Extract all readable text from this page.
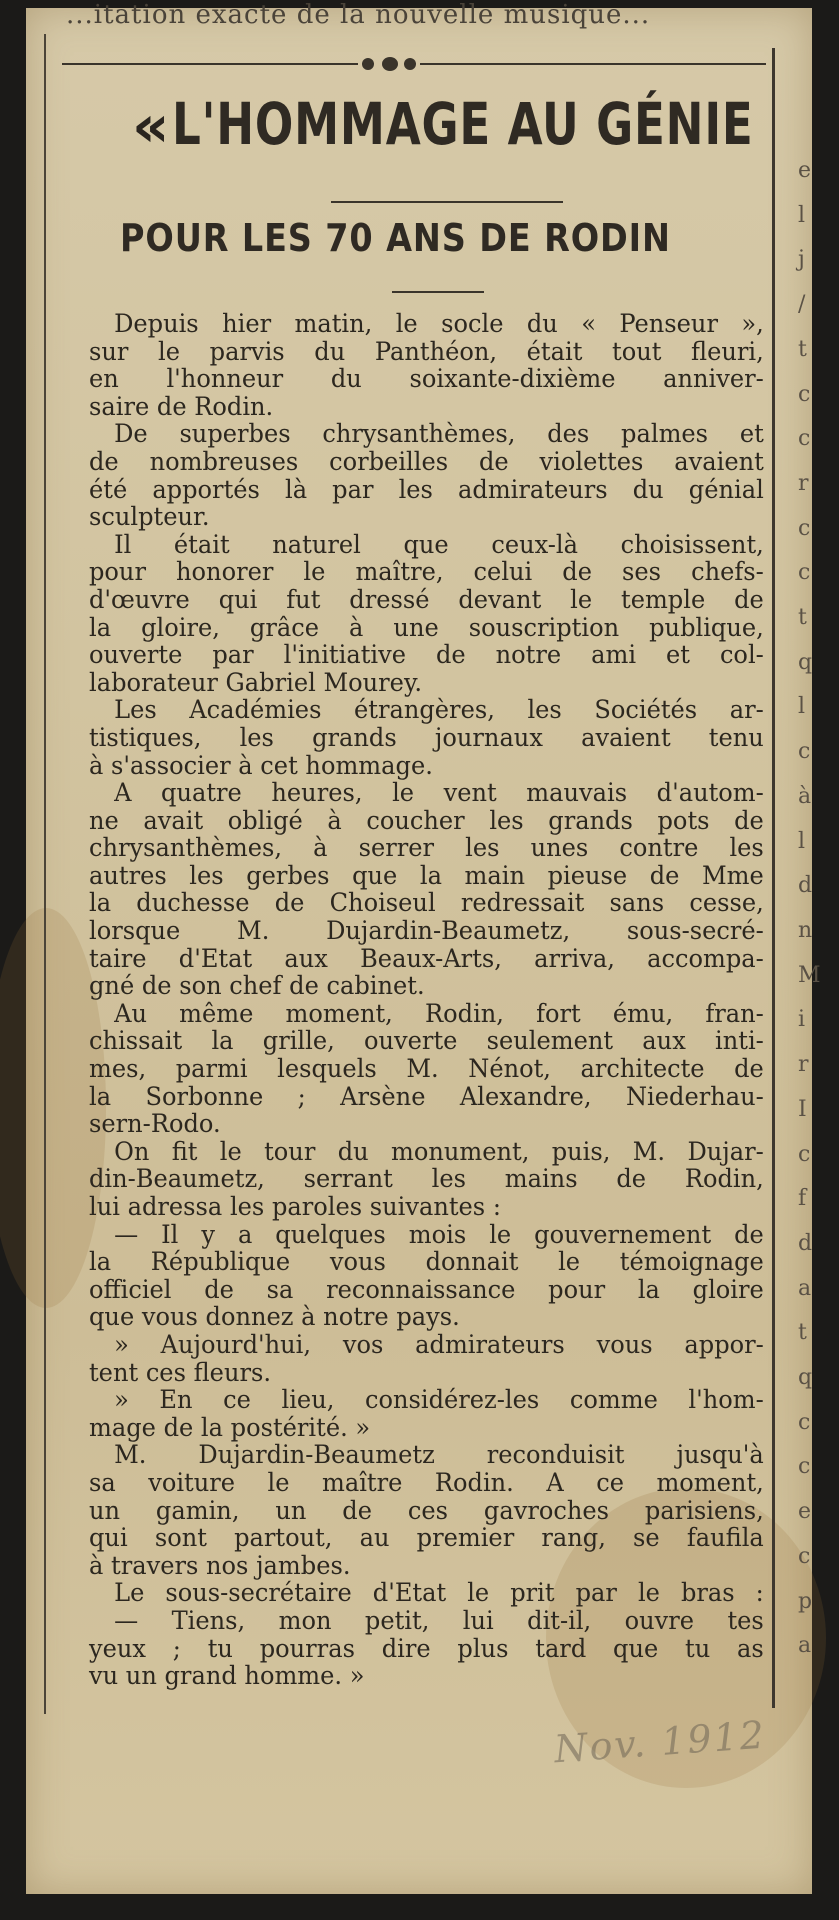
...itation exacte de la nouvelle musique...
e
l
j
/
t
c
c
r
c
c
t
q
l
c
à
l
d
n
M
i
r
I
c
f
d
a
t
q
c
c
e
c
p
a
« L'HOMMAGE AU GÉNIE
POUR LES 70 ANS DE RODIN
Depuis hier matin, le socle du « Penseur »,
sur le parvis du Panthéon, était tout fleuri,
en l'honneur du soixante-dixième anniver-
saire de Rodin.
De superbes chrysanthèmes, des palmes et
de nombreuses corbeilles de violettes avaient
été apportés là par les admirateurs du génial
sculpteur.
Il était naturel que ceux-là choisissent,
pour honorer le maître, celui de ses chefs-
d'œuvre qui fut dressé devant le temple de
la gloire, grâce à une souscription publique,
ouverte par l'initiative de notre ami et col-
laborateur Gabriel Mourey.
Les Académies étrangères, les Sociétés ar-
tistiques, les grands journaux avaient tenu
à s'associer à cet hommage.
A quatre heures, le vent mauvais d'autom-
ne avait obligé à coucher les grands pots de
chrysanthèmes, à serrer les unes contre les
autres les gerbes que la main pieuse de Mme
la duchesse de Choiseul redressait sans cesse,
lorsque M. Dujardin-Beaumetz, sous-secré-
taire d'Etat aux Beaux-Arts, arriva, accompa-
gné de son chef de cabinet.
Au même moment, Rodin, fort ému, fran-
chissait la grille, ouverte seulement aux inti-
mes, parmi lesquels M. Nénot, architecte de
la Sorbonne ; Arsène Alexandre, Niederhau-
sern-Rodo.
On fit le tour du monument, puis, M. Dujar-
din-Beaumetz, serrant les mains de Rodin,
lui adressa les paroles suivantes :
— Il y a quelques mois le gouvernement de
la République vous donnait le témoignage
officiel de sa reconnaissance pour la gloire
que vous donnez à notre pays.
» Aujourd'hui, vos admirateurs vous appor-
tent ces fleurs.
» En ce lieu, considérez-les comme l'hom-
mage de la postérité. »
M. Dujardin-Beaumetz reconduisit jusqu'à
sa voiture le maître Rodin. A ce moment,
un gamin, un de ces gavroches parisiens,
qui sont partout, au premier rang, se faufila
à travers nos jambes.
Le sous-secrétaire d'Etat le prit par le bras :
— Tiens, mon petit, lui dit-il, ouvre tes
yeux ; tu pourras dire plus tard que tu as
vu un grand homme. »
Nov. 1912
